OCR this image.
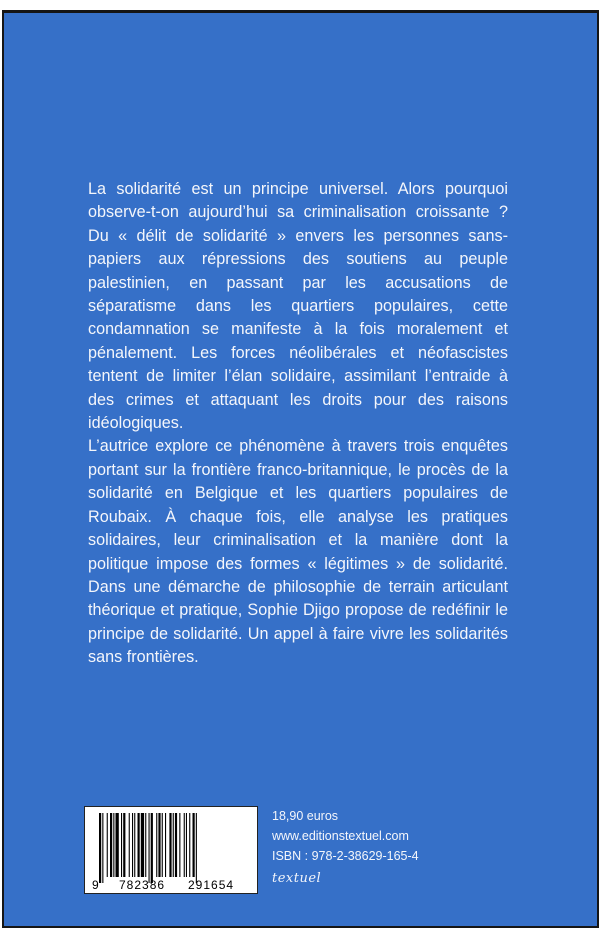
La solidarité est un principe universel. Alors pourquoi observe-t-on aujourd’hui sa criminalisation croissante ? Du « délit de solidarité » envers les personnes sans-papiers aux répressions des soutiens au peuple palestinien, en passant par les accusations de séparatisme dans les quartiers populaires, cette condamnation se manifeste à la fois moralement et pénalement. Les forces néolibérales et néofascistes tentent de limiter l’élan solidaire, assimilant l’entraide à des crimes et attaquant les droits pour des raisons idéologiques.

L’autrice explore ce phénomène à travers trois enquêtes portant sur la frontière franco-britannique, le procès de la solidarité en Belgique et les quartiers populaires de Roubaix. À chaque fois, elle analyse les pratiques solidaires, leur criminalisation et la manière dont la politique impose des formes « légitimes » de solidarité. Dans une démarche de philosophie de terrain articulant théorique et pratique, Sophie Djigo propose de redéfinir le principe de solidarité. Un appel à faire vivre les solidarités sans frontières.

9 782386 291654
18,90 euros
www.editionstextuel.com
ISBN : 978-2-38629-165-4
textuel
